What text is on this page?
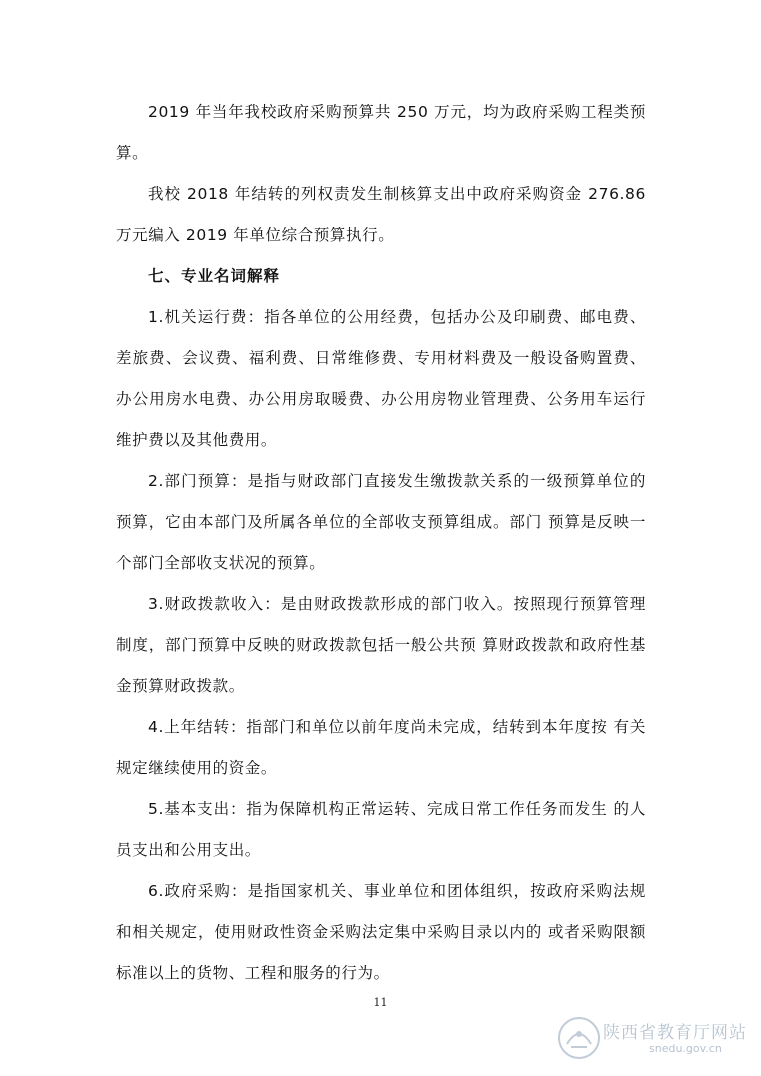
2019 年当年我校政府采购预算共 250 万元，均为政府采购工程类预算。

我校 2018 年结转的列权责发生制核算支出中政府采购资金 276.86 万元编入 2019 年单位综合预算执行。

七、专业名词解释

1.机关运行费：指各单位的公用经费，包括办公及印刷费、邮电费、差旅费、会议费、福利费、日常维修费、专用材料费及一般设备购置费、办公用房水电费、办公用房取暖费、办公用房物业管理费、公务用车运行维护费以及其他费用。

2.部门预算：是指与财政部门直接发生缴拨款关系的一级预算单位的预算，它由本部门及所属各单位的全部收支预算组成。部门 预算是反映一个部门全部收支状况的预算。

3.财政拨款收入：是由财政拨款形成的部门收入。按照现行预算管理制度，部门预算中反映的财政拨款包括一般公共预 算财政拨款和政府性基金预算财政拨款。

4.上年结转：指部门和单位以前年度尚未完成，结转到本年度按 有关规定继续使用的资金。

5.基本支出：指为保障机构正常运转、完成日常工作任务而发生 的人员支出和公用支出。

6.政府采购：是指国家机关、事业单位和团体组织，按政府采购法规和相关规定，使用财政性资金采购法定集中采购目录以内的 或者采购限额标准以上的货物、工程和服务的行为。

11
陕西省教育厅网站
snedu.gov.cn
